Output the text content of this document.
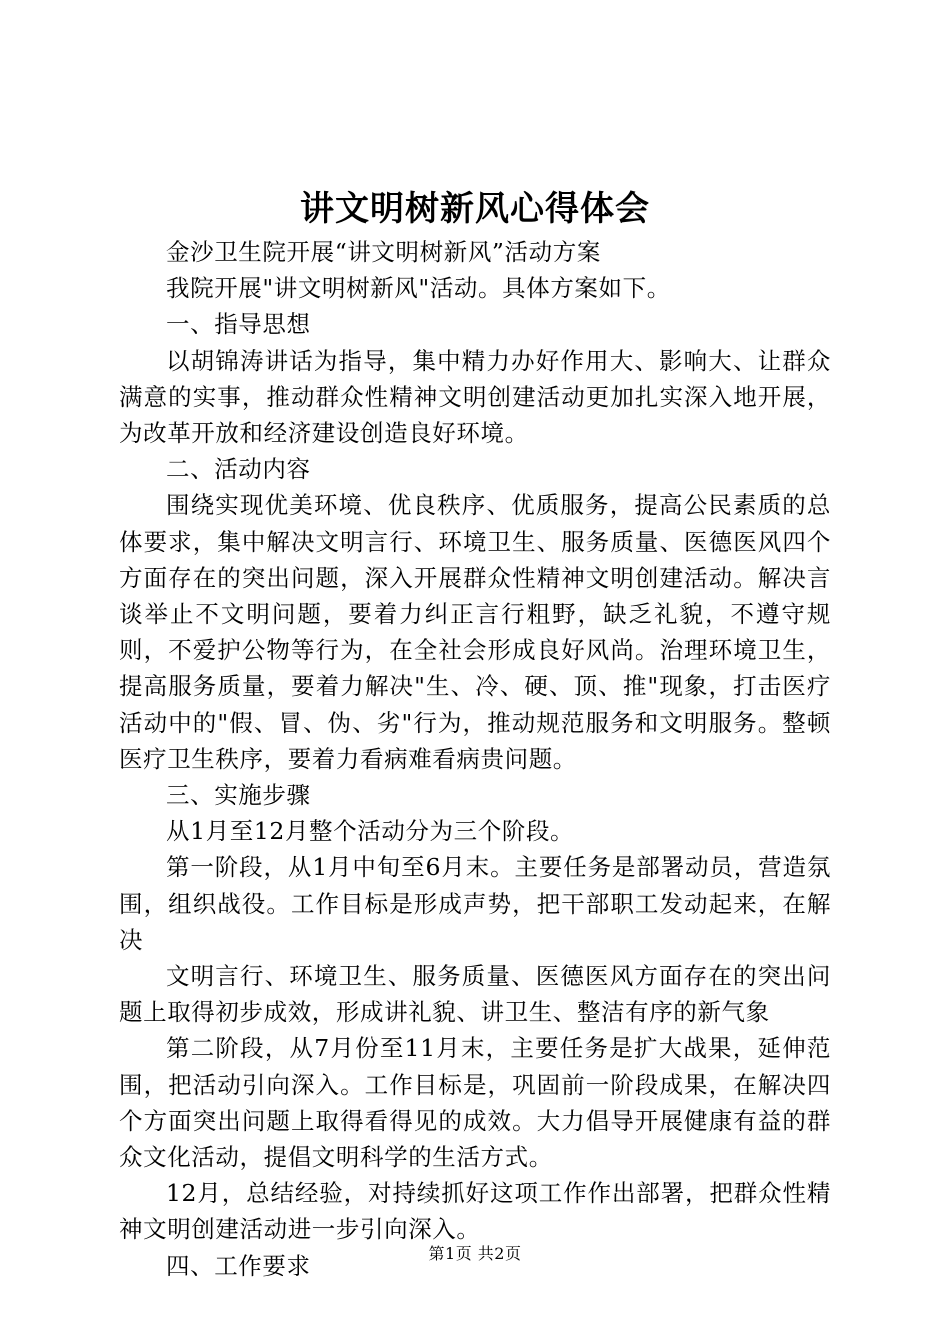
讲文明树新风心得体会

金沙卫生院开展“讲文明树新风”活动方案

我院开展"讲文明树新风"活动。具体方案如下。

一、指导思想

以胡锦涛讲话为指导，集中精力办好作用大、影响大、让群众满意的实事，推动群众性精神文明创建活动更加扎实深入地开展，为改革开放和经济建设创造良好环境。

二、活动内容

围绕实现优美环境、优良秩序、优质服务，提高公民素质的总体要求，集中解决文明言行、环境卫生、服务质量、医德医风四个方面存在的突出问题，深入开展群众性精神文明创建活动。解决言谈举止不文明问题，要着力纠正言行粗野，缺乏礼貌，不遵守规则，不爱护公物等行为，在全社会形成良好风尚。治理环境卫生，提高服务质量，要着力解决"生、冷、硬、顶、推"现象，打击医疗活动中的"假、冒、伪、劣"行为，推动规范服务和文明服务。整顿医疗卫生秩序，要着力看病难看病贵问题。

三、实施步骤

从1月至12月整个活动分为三个阶段。

第一阶段，从1月中旬至6月末。主要任务是部署动员，营造氛围，组织战役。工作目标是形成声势，把干部职工发动起来，在解决

文明言行、环境卫生、服务质量、医德医风方面存在的突出问题上取得初步成效，形成讲礼貌、讲卫生、整洁有序的新气象

第二阶段，从7月份至11月末，主要任务是扩大战果，延伸范围，把活动引向深入。工作目标是，巩固前一阶段成果，在解决四个方面突出问题上取得看得见的成效。大力倡导开展健康有益的群众文化活动，提倡文明科学的生活方式。

12月，总结经验，对持续抓好这项工作作出部署，把群众性精神文明创建活动进一步引向深入。

四、工作要求	第1页 共2页
